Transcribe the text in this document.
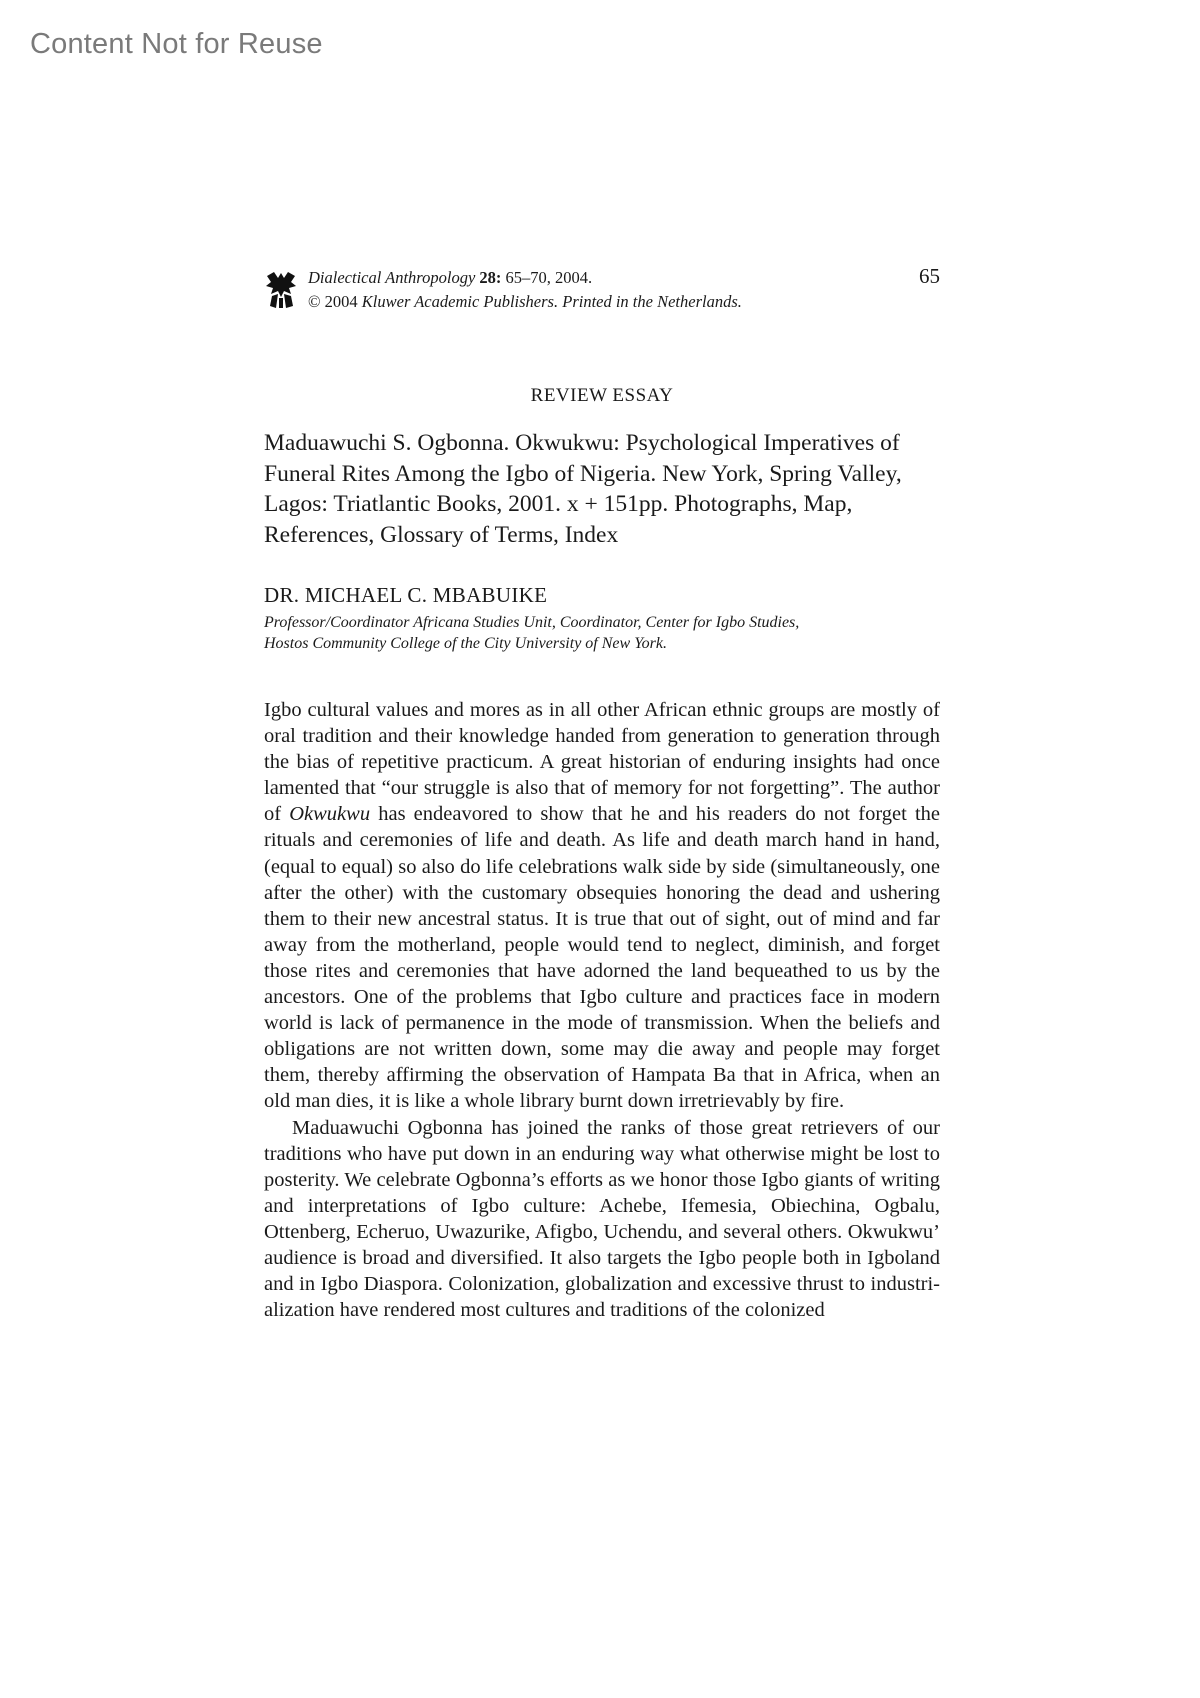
Content Not for Reuse
Dialectical Anthropology 28: 65–70, 2004.
© 2004 Kluwer Academic Publishers. Printed in the Netherlands.
65
REVIEW ESSAY

Maduawuchi S. Ogbonna. Okwukwu: Psychological Imperatives of Funeral Rites Among the Igbo of Nigeria. New York, Spring Valley, Lagos: Triatlantic Books, 2001. x + 151pp. Photographs, Map, References, Glossary of Terms, Index

DR. MICHAEL C. MBABUIKE
Professor/Coordinator Africana Studies Unit, Coordinator, Center for Igbo Studies,
Hostos Community College of the City University of New York.

Igbo cultural values and mores as in all other African ethnic groups are mostly of oral tradition and their knowledge handed from generation to generation through the bias of repetitive practicum. A great historian of enduring insights had once lamented that “our struggle is also that of memory for not forgetting”. The author of Okwukwu has endeavored to show that he and his readers do not forget the rituals and ceremonies of life and death. As life and death march hand in hand, (equal to equal) so also do life celebrations walk side by side (simultaneously, one after the other) with the customary obsequies honoring the dead and ushering them to their new ancestral status. It is true that out of sight, out of mind and far away from the motherland, people would tend to neglect, diminish, and forget those rites and ceremonies that have adorned the land bequeathed to us by the ancestors. One of the problems that Igbo culture and practices face in modern world is lack of permanence in the mode of transmission. When the beliefs and obligations are not written down, some may die away and people may forget them, thereby affirming the observation of Hampata Ba that in Africa, when an old man dies, it is like a whole library burnt down irretrievably by fire.

Maduawuchi Ogbonna has joined the ranks of those great retrievers of our traditions who have put down in an enduring way what otherwise might be lost to posterity. We celebrate Ogbonna’s efforts as we honor those Igbo giants of writing and interpretations of Igbo culture: Achebe, Ifemesia, Obiechina, Ogbalu, Ottenberg, Echeruo, Uwazurike, Afigbo, Uchendu, and several others. Okwukwu’ audience is broad and diversified. It also targets the Igbo people both in Igboland and in Igbo Diaspora. Colonization, globalization and excessive thrust to industrialization have rendered most cultures and traditions of the colonized
